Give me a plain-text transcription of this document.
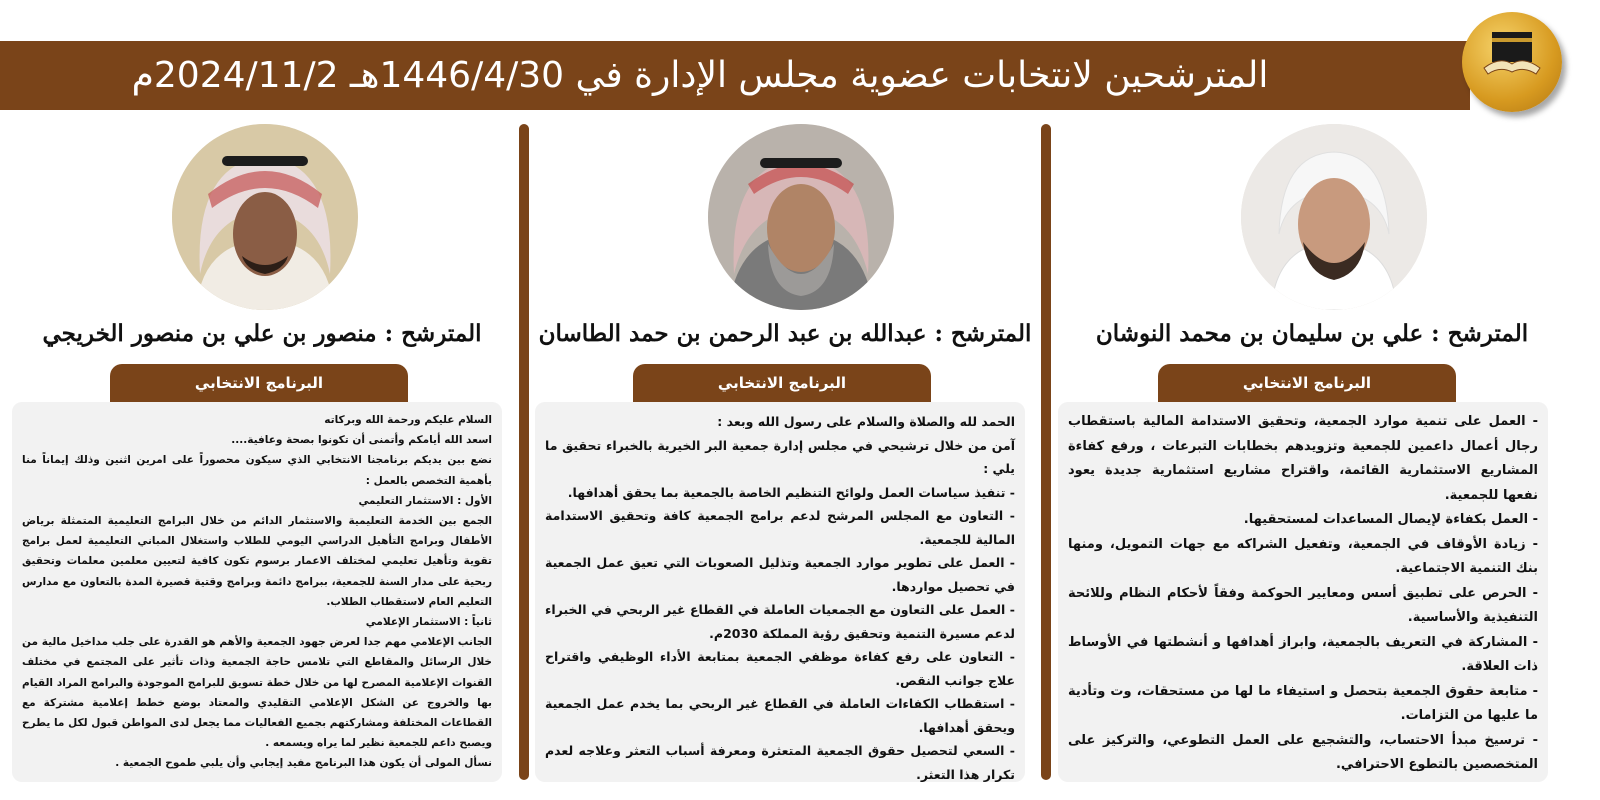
المترشحين لانتخابات عضوية مجلس الإدارة في 1446/4/30هـ 2024/11/2م
المترشح : علي بن سليمان بن محمد النوشان
البرنامج الانتخابي

- العمل على تنمية موارد الجمعية، وتحقيق الاستدامة المالية باستقطاب رجال أعمال داعمين للجمعية وتزويدهم بخطابات التبرعات ، ورفع كفاءة المشاريع الاستثمارية القائمة، واقتراح مشاريع استثمارية جديدة يعود نفعها للجمعية.

- العمل بكفاءة لإيصال المساعدات لمستحقيها.

- زيادة الأوقاف في الجمعية، وتفعيل الشراكه مع جهات التمويل، ومنها بنك التنمية الاجتماعية.

- الحرص على تطبيق أسس ومعايير الحوكمة وفقاً لأحكام النظام وللائحة التنفيذية والأساسية.

- المشاركة في التعريف بالجمعية، وابراز أهدافها و أنشطتها في الأوساط ذات العلاقة.

- متابعة حقوق الجمعية بتحصل و استيفاء ما لها من مستحقات، وت وتأدية ما عليها من التزامات.

- ترسيخ مبدأ الاحتساب، والتشجيع على العمل التطوعي، والتركيز على المتخصصين بالتطوع الاحترافي.

المترشح : عبدالله بن عبد الرحمن بن حمد الطاسان
البرنامج الانتخابي

الحمد لله والصلاة والسلام على رسول الله وبعد :

آمن من خلال ترشيحي في مجلس إدارة جمعية البر الخيرية بالخبراء تحقيق ما يلي :

- تنفيذ سياسات العمل ولوائح التنظيم الخاصة بالجمعية بما يحقق أهدافها.

- التعاون مع المجلس المرشح لدعم برامج الجمعية كافة وتحقيق الاستدامة المالية للجمعية.

- العمل على تطوير موارد الجمعية وتذليل الصعوبات التي تعيق عمل الجمعية في تحصيل مواردها.

- العمل على التعاون مع الجمعيات العاملة في القطاع غير الربحي في الخبراء لدعم مسيرة التنمية وتحقيق رؤية المملكة 2030م.

- التعاون على رفع كفاءة موظفي الجمعية بمتابعة الأداء الوظيفي واقتراح علاج جوانب النقص.

- استقطاب الكفاءات العاملة في القطاع غير الربحي بما يخدم عمل الجمعية ويحقق أهدافها.

- السعي لتحصيل حقوق الجمعية المتعثرة ومعرفة أسباب التعثر وعلاجه لعدم تكرار هذا التعثر.

المترشح : منصور بن علي بن منصور الخريجي
البرنامج الانتخابي

السلام عليكم ورحمة الله وبركاته

اسعد الله أيامكم وأتمنى أن تكونوا بصحة وعافية....

نضع بين يديكم برنامجنا الانتخابي الذي سيكون محصوراً على امرين اثنين وذلك إيماناً منا بأهمية التخصص بالعمل :

الأول : الاستثمار التعليمي

الجمع بين الخدمة التعليمية والاستثمار الدائم من خلال البرامج التعليمية المتمثلة برياض الأطفال وبرامج التأهيل الدراسي اليومي للطلاب واستغلال المباني التعليمية لعمل برامج تقوية وتأهيل تعليمي لمختلف الاعمار برسوم تكون كافية لتعيين معلمين معلمات وتحقيق ربحية على مدار السنة للجمعية، ببرامج دائمة وبرامج وقتية قصيرة المدة بالتعاون مع مدارس التعليم العام لاستقطاب الطلاب.

ثانياً : الاستثمار الإعلامي

الجانب الإعلامي مهم جدا لعرض جهود الجمعية والأهم هو القدرة على جلب مداخيل مالية من خلال الرسائل والمقاطع التي تلامس حاجة الجمعية وذات تأثير على المجتمع في مختلف القنوات الإعلامية المصرح لها من خلال خطة تسويق للبرامج الموجودة والبرامج المراد القيام بها والخروج عن الشكل الإعلامي التقليدي والمعتاد بوضع خطط إعلامية مشتركة مع القطاعات المختلفة ومشاركتهم بجميع الفعاليات مما يجعل لدى المواطن قبول لكل ما يطرح ويصبح داعم للجمعية نظير لما يراه ويسمعه .

نسأل المولى أن يكون هذا البرنامج مفيد إيجابي وأن يلبي طموح الجمعية .
